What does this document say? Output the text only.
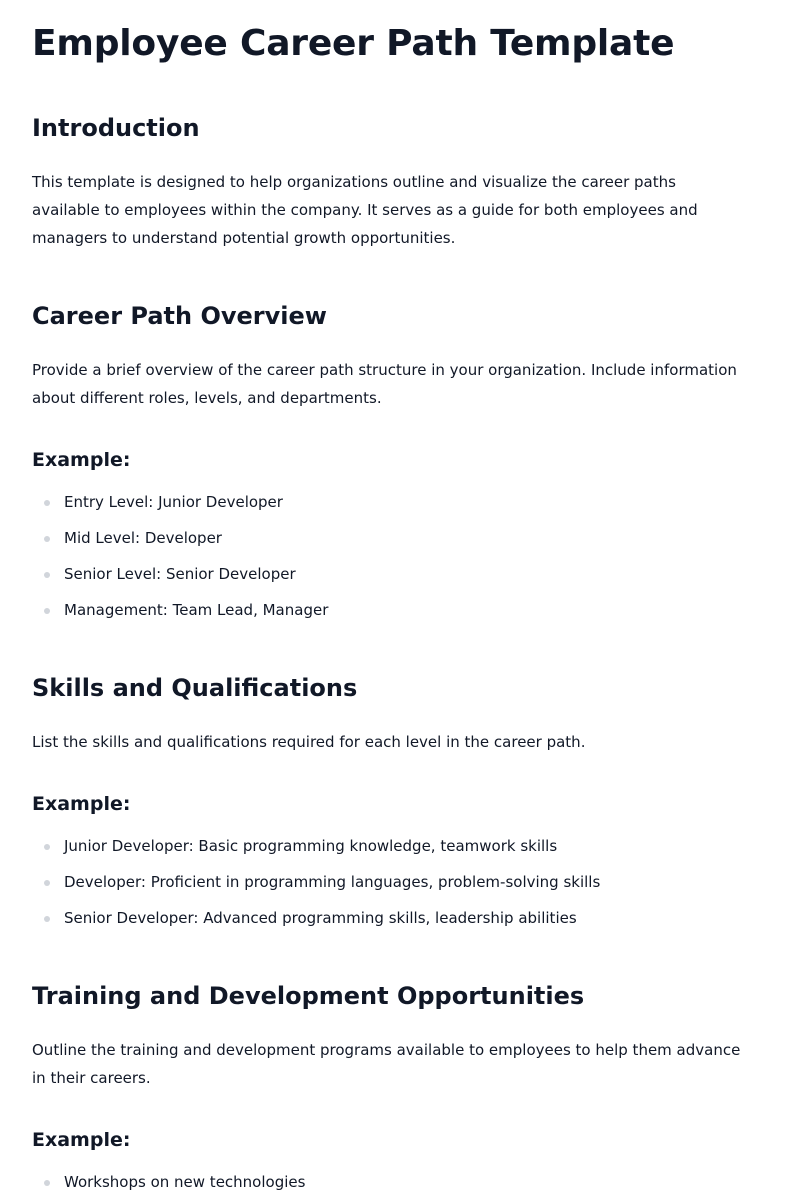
Employee Career Path Template
Introduction

This template is designed to help organizations outline and visualize the career paths available to employees within the company. It serves as a guide for both employees and managers to understand potential growth opportunities.

Career Path Overview

Provide a brief overview of the career path structure in your organization. Include information about different roles, levels, and departments.

Example:
Entry Level: Junior Developer
Mid Level: Developer
Senior Level: Senior Developer
Management: Team Lead, Manager
Skills and Qualifications

List the skills and qualifications required for each level in the career path.

Example:
Junior Developer: Basic programming knowledge, teamwork skills
Developer: Proficient in programming languages, problem-solving skills
Senior Developer: Advanced programming skills, leadership abilities
Training and Development Opportunities

Outline the training and development programs available to employees to help them advance in their careers.

Example:
Workshops on new technologies
